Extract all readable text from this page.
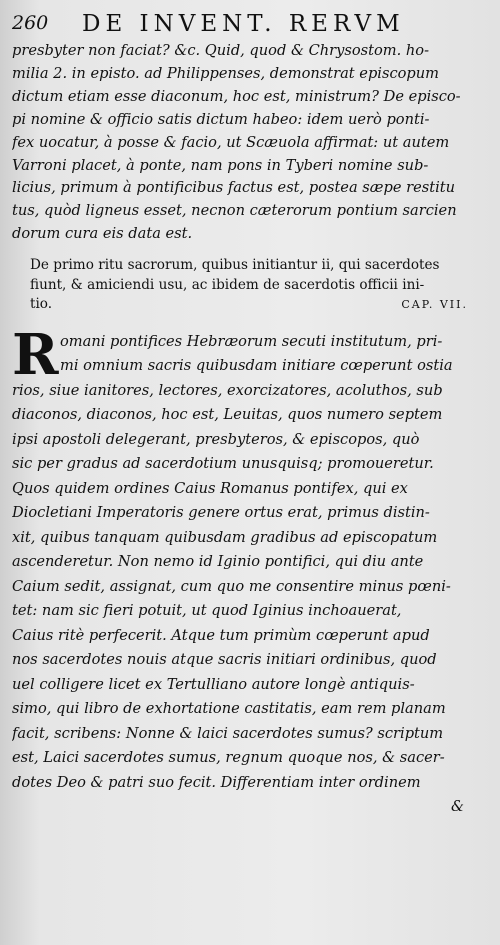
260 DE INVENT. RERVM
presbyter non faciat? &c. Quid, quod & Chrysostom. ho-
milia 2. in episto. ad Philippenses, demonstrat episcopum
dictum etiam esse diaconum, hoc est, ministrum? De episco-
pi nomine & officio satis dictum habeo: idem uerò ponti-
fex uocatur, à posse & facio, ut Scæuola affirmat: ut autem
Varroni placet, à ponte, nam pons in Tyberi nomine sub-
licius, primum à pontificibus factus est, postea sæpe restitu
tus, quòd ligneus esset, necnon cæterorum pontium sarcien
dorum cura eis data est.
De primo ritu sacrorum, quibus initiantur ii, qui sacerdotes
fiunt, & amiciendi usu, ac ibidem de sacerdotis officii ini-
tio.	CAP. VII.
R omani pontifices Hebræorum secuti institutum, pri-
mi omnium sacris quibusdam initiare cœperunt ostia
rios, siue ianitores, lectores, exorcizatores, acoluthos, sub
diaconos, diaconos, hoc est, Leuitas, quos numero septem
ipsi apostoli delegerant, presbyteros, & episcopos, quò
sic per gradus ad sacerdotium unusquisq; promoueretur.
Quos quidem ordines Caius Romanus pontifex, qui ex
Diocletiani Imperatoris genere ortus erat, primus distin-
xit, quibus tanquam quibusdam gradibus ad episcopatum
ascenderetur. Non nemo id Iginio pontifici, qui diu ante
Caium sedit, assignat, cum quo me consentire minus pœni-
tet: nam sic fieri potuit, ut quod Iginius inchoauerat,
Caius ritè perfecerit. Atque tum primùm cœperunt apud
nos sacerdotes nouis atque sacris initiari ordinibus, quod
uel colligere licet ex Tertulliano autore longè antiquis-
simo, qui libro de exhortatione castitatis, eam rem planam
facit, scribens: Nonne & laici sacerdotes sumus? scriptum
est, Laici sacerdotes sumus, regnum quoque nos, & sacer-
dotes Deo & patri suo fecit. Differentiam inter ordinem
&
